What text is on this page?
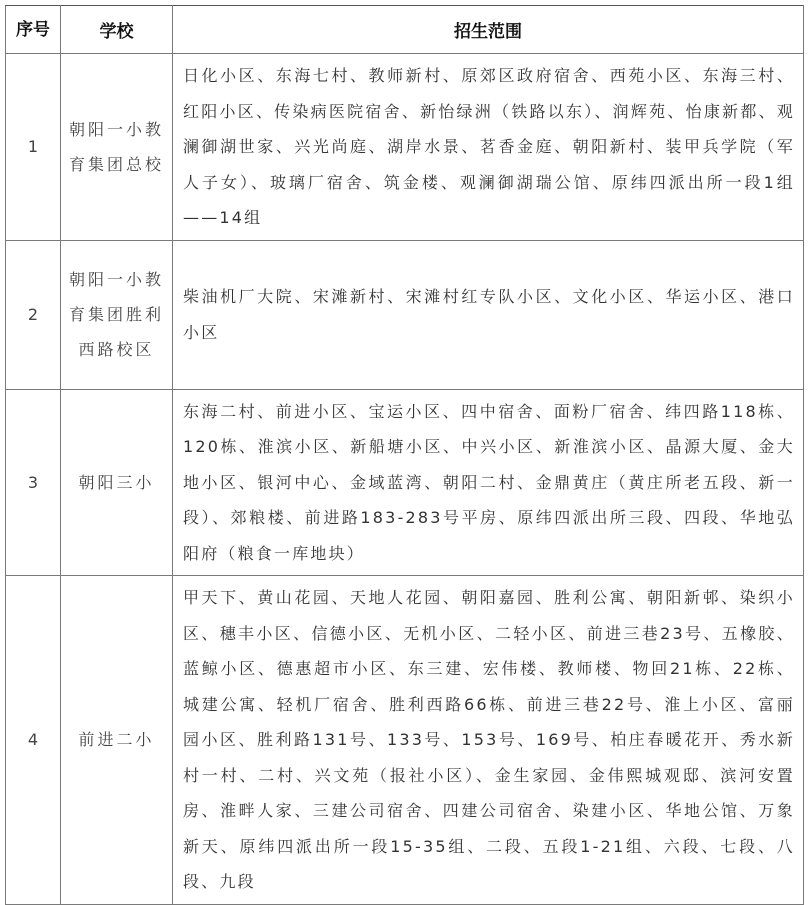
序号	学校	招生范围
1	朝阳一小教育集团总校	日化小区、东海七村、教师新村、原郊区政府宿舍、西苑小区、东海三村、红阳小区、传染病医院宿舍、新怡绿洲（铁路以东）、润辉苑、怡康新都、观澜御湖世家、兴光尚庭、湖岸水景、茗香金庭、朝阳新村、装甲兵学院（军人子女）、玻璃厂宿舍、筑金楼、观澜御湖瑞公馆、原纬四派出所一段1组——14组
2	朝阳一小教育集团胜利西路校区	柴油机厂大院、宋滩新村、宋滩村红专队小区、文化小区、华运小区、港口小区
3	朝阳三小	东海二村、前进小区、宝运小区、四中宿舍、面粉厂宿舍、纬四路118栋、120栋、淮滨小区、新船塘小区、中兴小区、新淮滨小区、晶源大厦、金大地小区、银河中心、金域蓝湾、朝阳二村、金鼎黄庄（黄庄所老五段、新一段）、郊粮楼、前进路183-283号平房、原纬四派出所三段、四段、华地弘阳府（粮食一库地块）
4	前进二小	甲天下、黄山花园、天地人花园、朝阳嘉园、胜利公寓、朝阳新邨、染织小区、穗丰小区、信德小区、无机小区、二轻小区、前进三巷23号、五橡胶、蓝鲸小区、德惠超市小区、东三建、宏伟楼、教师楼、物回21栋、22栋、城建公寓、轻机厂宿舍、胜利西路66栋、前进三巷22号、淮上小区、富丽园小区、胜利路131号、133号、153号、169号、柏庄春暖花开、秀水新村一村、二村、兴文苑（报社小区）、金生家园、金伟熙城观邸、滨河安置房、淮畔人家、三建公司宿舍、四建公司宿舍、染建小区、华地公馆、万象新天、原纬四派出所一段15-35组、二段、五段1-21组、六段、七段、八段、九段
